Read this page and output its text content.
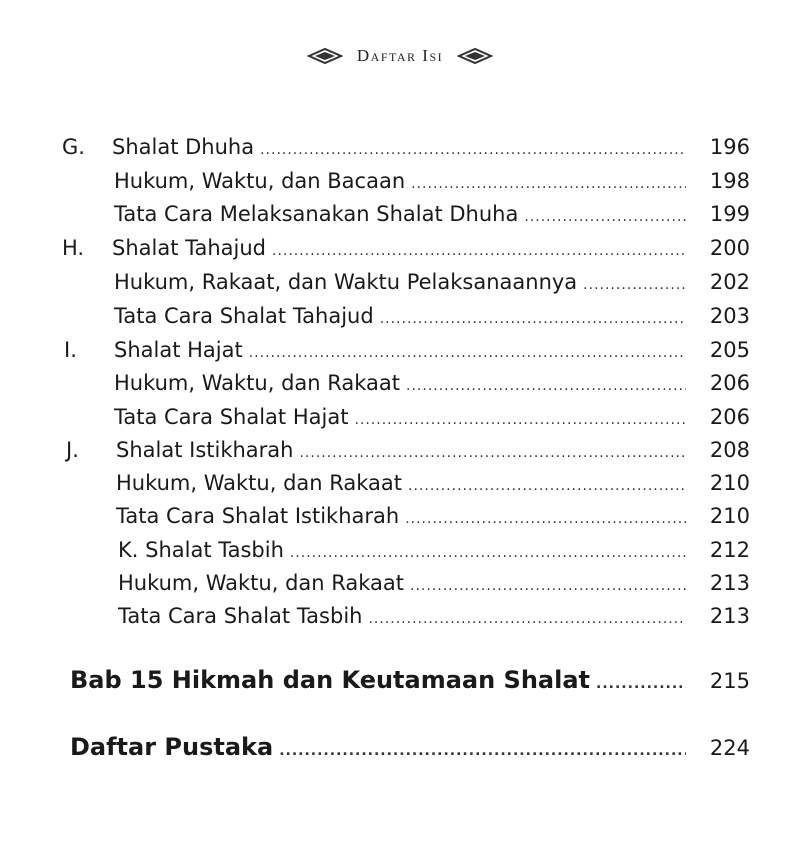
Daftar Isi
G. Shalat Dhuha .....	196
Hukum, Waktu, dan Bacaan .....	198
Tata Cara Melaksanakan Shalat Dhuha .....	199
H. Shalat Tahajud .....	200
Hukum, Rakaat, dan Waktu Pelaksanaannya .....	202
Tata Cara Shalat Tahajud .....	203
I. Shalat Hajat .....	205
Hukum, Waktu, dan Rakaat .....	206
Tata Cara Shalat Hajat .....	206
J. Shalat Istikharah .....	208
Hukum, Waktu, dan Rakaat .....	210
Tata Cara Shalat Istikharah .....	210
K. Shalat Tasbih .....	212
Hukum, Waktu, dan Rakaat .....	213
Tata Cara Shalat Tasbih .....	213
Bab 15 Hikmah dan Keutamaan Shalat .....	215
Daftar Pustaka .....	224
